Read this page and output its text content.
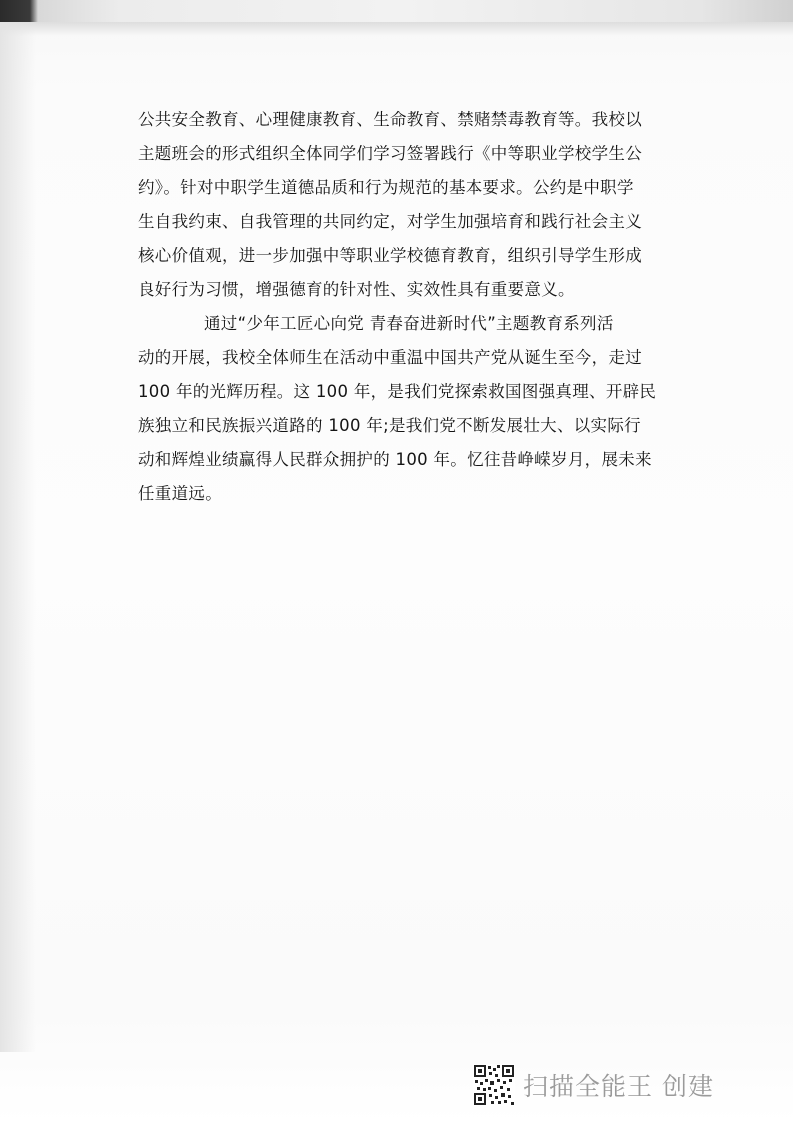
公共安全教育、心理健康教育、生命教育、禁赌禁毒教育等。我校以
主题班会的形式组织全体同学们学习签署践行《中等职业学校学生公
约》。针对中职学生道德品质和行为规范的基本要求。公约是中职学
生自我约束、自我管理的共同约定，对学生加强培育和践行社会主义
核心价值观，进一步加强中等职业学校德育教育，组织引导学生形成
良好行为习惯，增强德育的针对性、实效性具有重要意义。
通过“少年工匠心向党 青春奋进新时代”主题教育系列活
动的开展，我校全体师生在活动中重温中国共产党从诞生至今，走过
100 年的光辉历程。这 100 年，是我们党探索救国图强真理、开辟民
族独立和民族振兴道路的 100 年;是我们党不断发展壮大、以实际行
动和辉煌业绩赢得人民群众拥护的 100 年。忆往昔峥嵘岁月，展未来
任重道远。
扫描全能王 创建
